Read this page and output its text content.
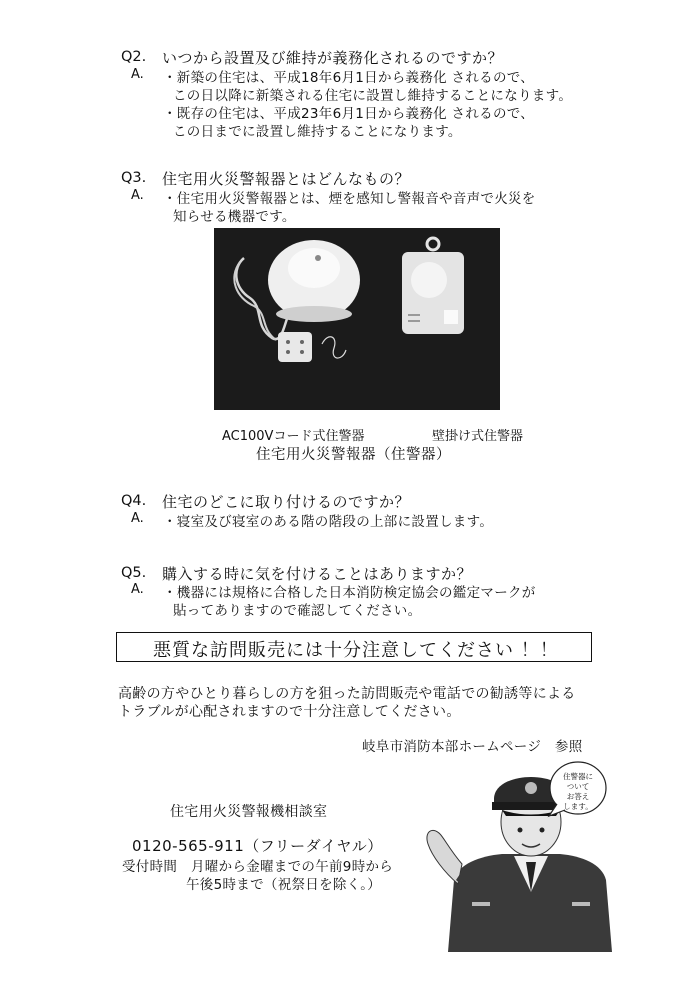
Q2. いつから設置及び維持が義務化されるのですか？
A. ・新築の住宅は、平成18年6月1日から義務化 されるので、
この日以降に新築される住宅に設置し維持することになります。
・既存の住宅は、平成23年6月1日から義務化 されるので、
この日までに設置し維持することになります。
Q3. 住宅用火災警報器とはどんなもの？
A. ・住宅用火災警報器とは、煙を感知し警報音や音声で火災を
知らせる機器です。
AC100Vコード式住警器	壁掛け式住警器
住宅用火災警報器（住警器）
Q4. 住宅のどこに取り付けるのですか？
A. ・寝室及び寝室のある階の階段の上部に設置します。
Q5. 購入する時に気を付けることはありますか？
A. ・機器には規格に合格した日本消防検定協会の鑑定マークが
貼ってありますので確認してください。
悪質な訪問販売には十分注意してください ！！
高齢の方やひとり暮らしの方を狙った訪問販売や電話での勧誘等による
トラブルが心配されますので十分注意してください。
岐阜市消防本部ホームページ　参照
住宅用火災警報機相談室
0120-565-911（フリーダイヤル）
受付時間　月曜から金曜までの午前9時から
午後5時まで（祝祭日を除く。）
住警器に
ついて
お答え
します。
